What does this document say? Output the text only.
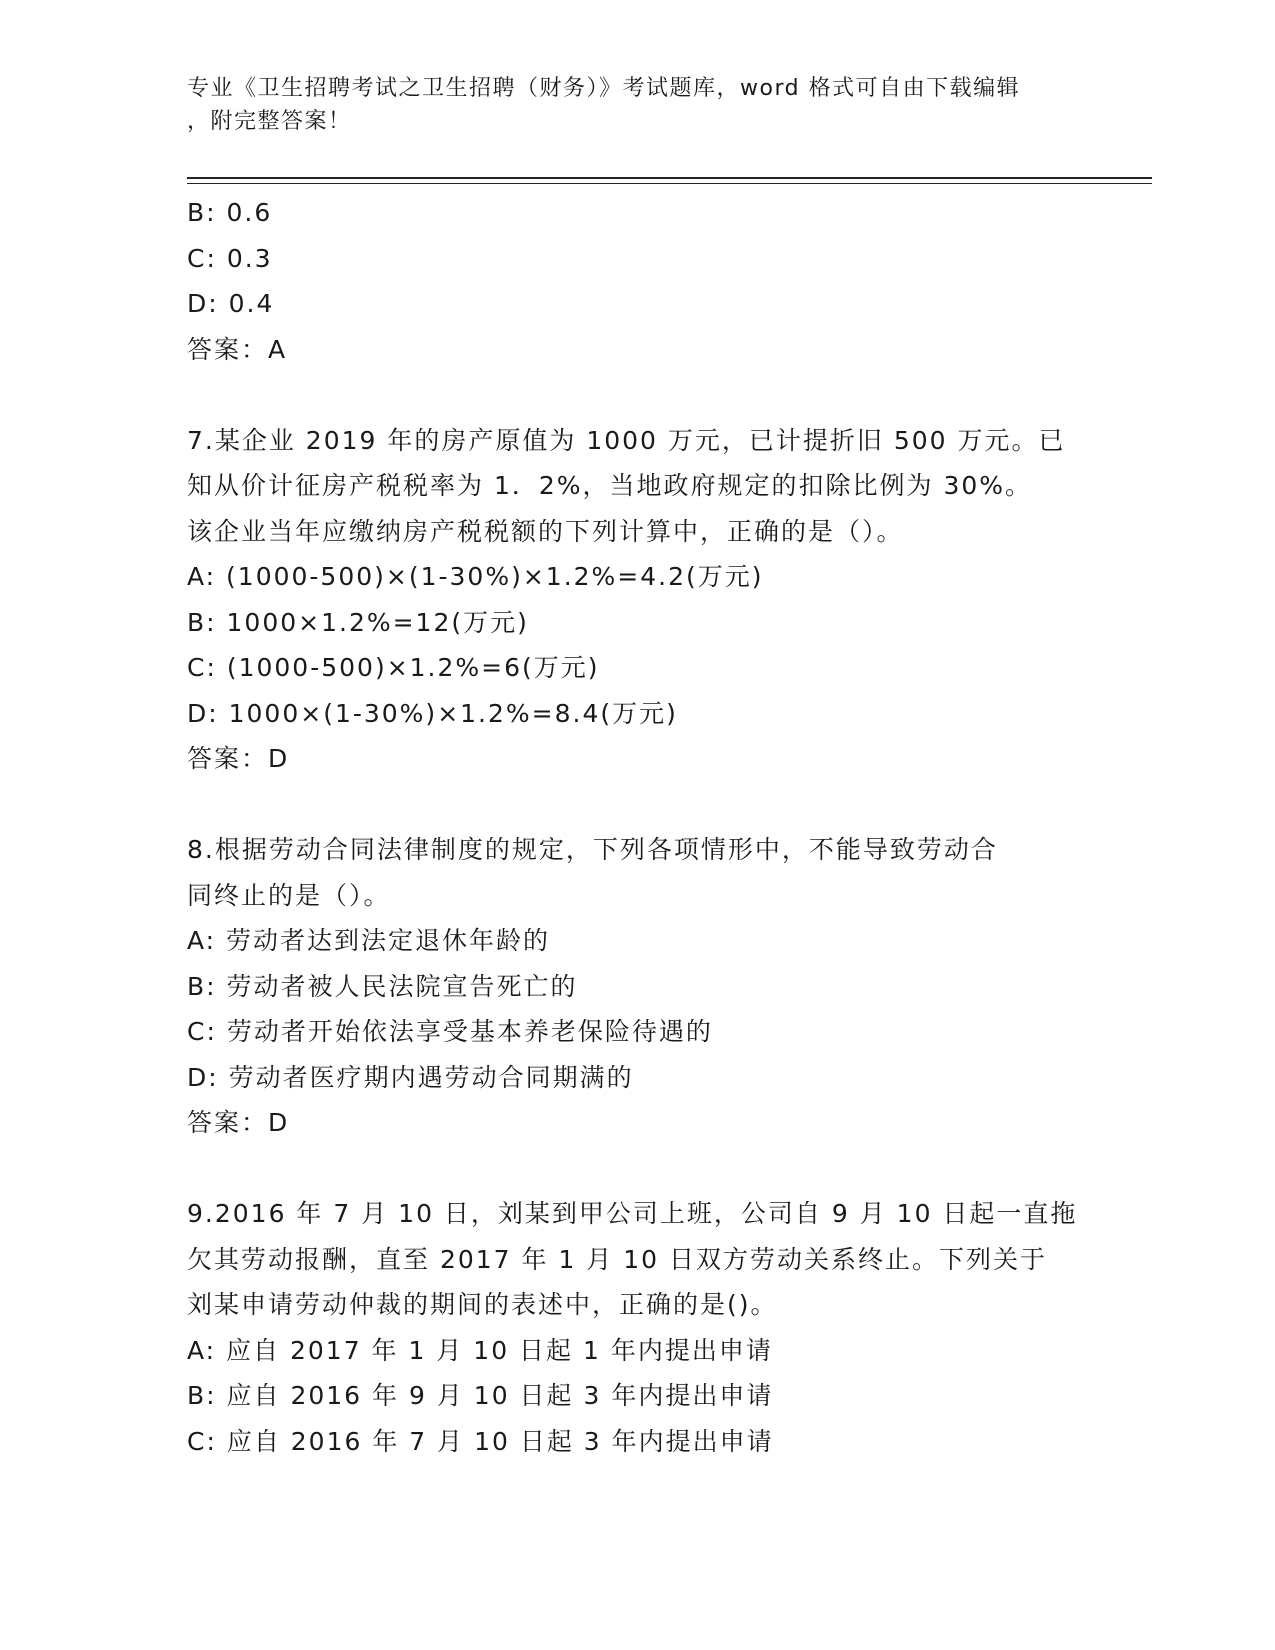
专业《卫生招聘考试之卫生招聘（财务）》考试题库，word 格式可自由下载编辑
，附完整答案！
B: 0.6
C: 0.3
D: 0.4
答案：A
7.某企业 2019 年的房产原值为 1000 万元，已计提折旧 500 万元。已
知从价计征房产税税率为 1．2%，当地政府规定的扣除比例为 30%。
该企业当年应缴纳房产税税额的下列计算中，正确的是（）。
A: (1000-500)×(1-30%)×1.2%=4.2(万元)
B: 1000×1.2%=12(万元)
C: (1000-500)×1.2%=6(万元)
D: 1000×(1-30%)×1.2%=8.4(万元)
答案：D
8.根据劳动合同法律制度的规定，下列各项情形中，不能导致劳动合
同终止的是（）。
A: 劳动者达到法定退休年龄的
B: 劳动者被人民法院宣告死亡的
C: 劳动者开始依法享受基本养老保险待遇的
D: 劳动者医疗期内遇劳动合同期满的
答案：D
9.2016 年 7 月 10 日，刘某到甲公司上班，公司自 9 月 10 日起一直拖
欠其劳动报酬，直至 2017 年 1 月 10 日双方劳动关系终止。下列关于
刘某申请劳动仲裁的期间的表述中，正确的是()。
A: 应自 2017 年 1 月 10 日起 1 年内提出申请
B: 应自 2016 年 9 月 10 日起 3 年内提出申请
C: 应自 2016 年 7 月 10 日起 3 年内提出申请
